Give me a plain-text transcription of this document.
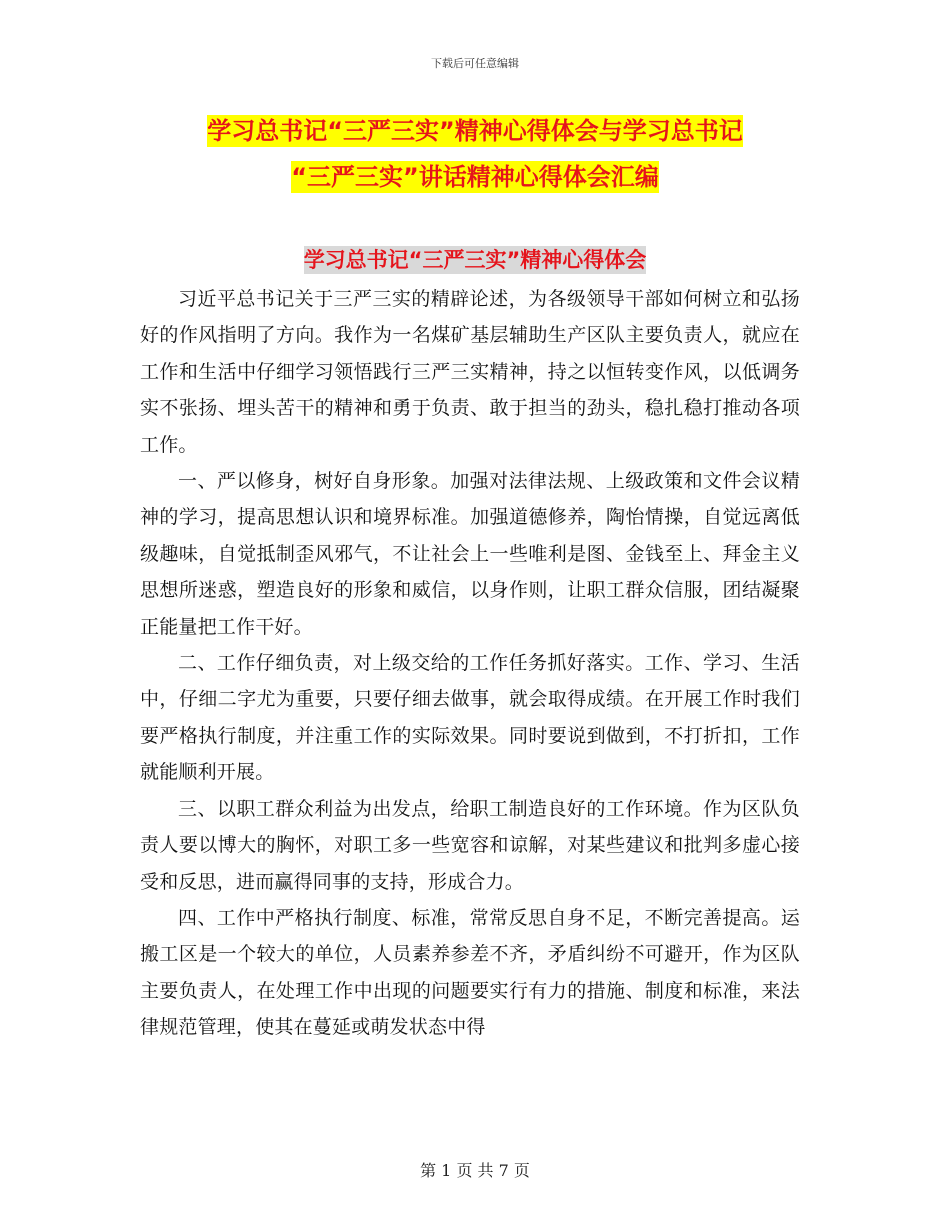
下载后可任意编辑
学习总书记“三严三实”精神心得体会与学习总书记
“三严三实”讲话精神心得体会汇编
学习总书记“三严三实”精神心得体会

习近平总书记关于三严三实的精辟论述，为各级领导干部如何树立和弘扬好的作风指明了方向。我作为一名煤矿基层辅助生产区队主要负责人，就应在工作和生活中仔细学习领悟践行三严三实精神，持之以恒转变作风，以低调务实不张扬、埋头苦干的精神和勇于负责、敢于担当的劲头，稳扎稳打推动各项工作。

一、严以修身，树好自身形象。加强对法律法规、上级政策和文件会议精神的学习，提高思想认识和境界标准。加强道德修养，陶怡情操，自觉远离低级趣味，自觉抵制歪风邪气，不让社会上一些唯利是图、金钱至上、拜金主义思想所迷惑，塑造良好的形象和威信，以身作则，让职工群众信服，团结凝聚正能量把工作干好。

二、工作仔细负责，对上级交给的工作任务抓好落实。工作、学习、生活中，仔细二字尤为重要，只要仔细去做事，就会取得成绩。在开展工作时我们要严格执行制度，并注重工作的实际效果。同时要说到做到，不打折扣，工作就能顺利开展。

三、以职工群众利益为出发点，给职工制造良好的工作环境。作为区队负责人要以博大的胸怀，对职工多一些宽容和谅解，对某些建议和批判多虚心接受和反思，进而赢得同事的支持，形成合力。

四、工作中严格执行制度、标准，常常反思自身不足，不断完善提高。运搬工区是一个较大的单位，人员素养参差不齐，矛盾纠纷不可避开，作为区队主要负责人，在处理工作中出现的问题要实行有力的措施、制度和标准，来法律规范管理，使其在蔓延或萌发状态中得

第 1 页 共 7 页
